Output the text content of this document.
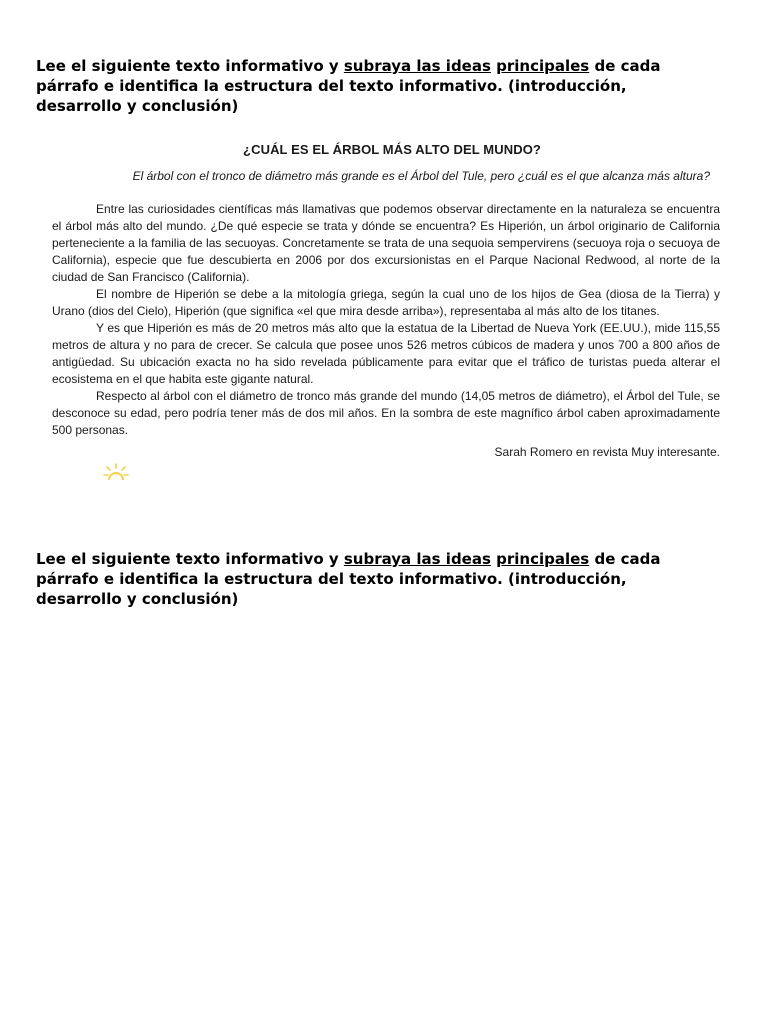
Lee el siguiente texto informativo y subraya las ideas principales de cada párrafo e identifica la estructura del texto informativo. (introducción, desarrollo y conclusión)

¿CUÁL ES EL ÁRBOL MÁS ALTO DEL MUNDO?
El árbol con el tronco de diámetro más grande es el Árbol del Tule, pero ¿cuál es el que alcanza más altura?

Entre las curiosidades científicas más llamativas que podemos observar directamente en la naturaleza se encuentra el árbol más alto del mundo. ¿De qué especie se trata y dónde se encuentra? Es Hiperión, un árbol originario de California perteneciente a la familia de las secuoyas. Concretamente se trata de una sequoia sempervirens (secuoya roja o secuoya de California), especie que fue descubierta en 2006 por dos excursionistas en el Parque Nacional Redwood, al norte de la ciudad de San Francisco (California).

El nombre de Hiperión se debe a la mitología griega, según la cual uno de los hijos de Gea (diosa de la Tierra) y Urano (dios del Cielo), Hiperión (que significa «el que mira desde arriba»), representaba al más alto de los titanes.

Y es que Hiperión es más de 20 metros más alto que la estatua de la Libertad de Nueva York (EE.UU.), mide 115,55 metros de altura y no para de crecer. Se calcula que posee unos 526 metros cúbicos de madera y unos 700 a 800 años de antigüedad. Su ubicación exacta no ha sido revelada públicamente para evitar que el tráfico de turistas pueda alterar el ecosistema en el que habita este gigante natural.

Respecto al árbol con el diámetro de tronco más grande del mundo (14,05 metros de diámetro), el Árbol del Tule, se desconoce su edad, pero podría tener más de dos mil años. En la sombra de este magnífico árbol caben aproximadamente 500 personas.

Sarah Romero en revista Muy interesante.

Lee el siguiente texto informativo y subraya las ideas principales de cada párrafo e identifica la estructura del texto informativo. (introducción, desarrollo y conclusión)
